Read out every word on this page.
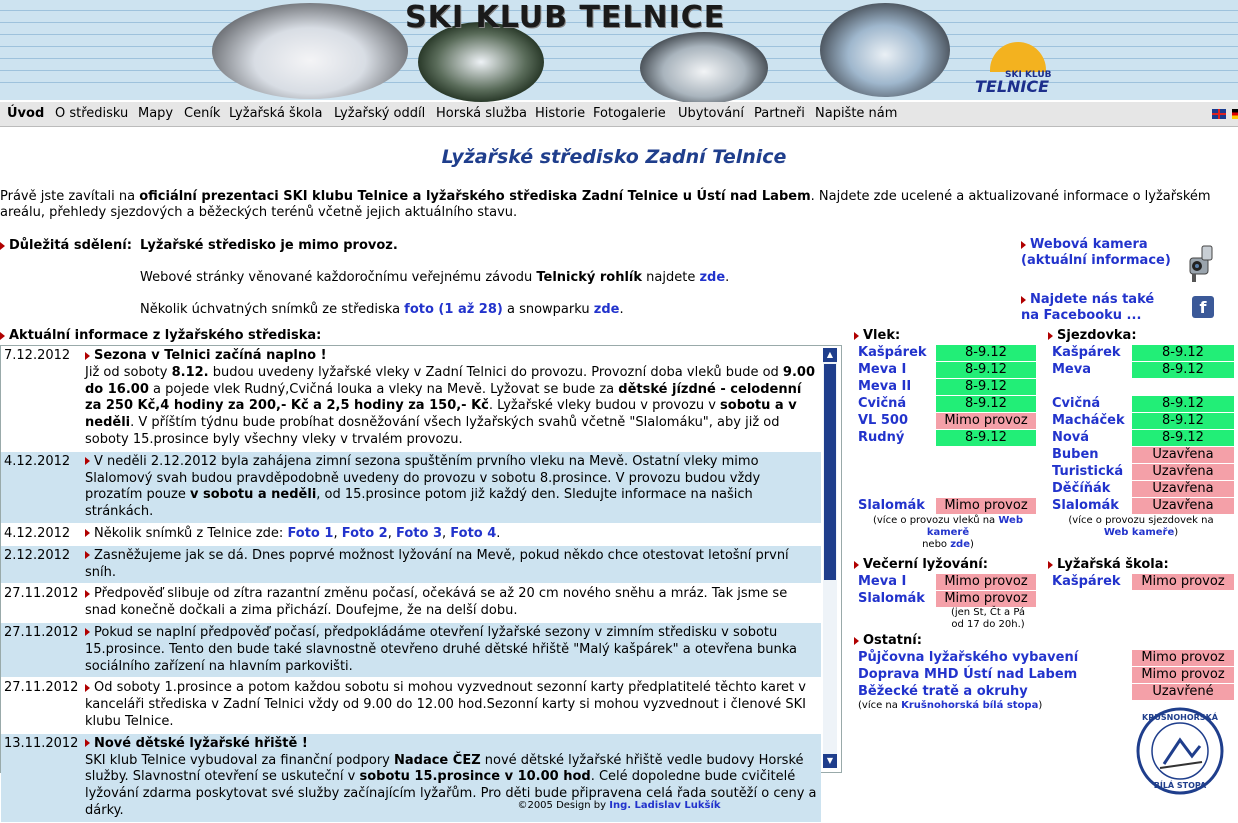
SKI KLUB TELNICE
SKI KLUB
TELNICE
Úvod O středisku Mapy Ceník Lyžařská škola Lyžařský oddíl Horská služba Historie Fotogalerie Ubytování Partneři Napište nám
Lyžařské středisko Zadní Telnice
Právě jste zavítali na oficiální prezentaci SKI klubu Telnice a lyžařského střediska Zadní Telnice u Ústí nad Labem. Najdete zde ucelené a aktualizované informace o lyžařském areálu, přehledy sjezdových a běžeckých terénů včetně jejich aktuálního stavu.
Důležitá sdělení: Lyžařské středisko je mimo provoz.
Webové stránky věnované každoročnímu veřejnému závodu Telnický rohlík najdete zde.
Několik úchvatných snímků ze střediska foto (1 až 28) a snowparku zde.
Webová kamera
(aktuální informace)
Najdete nás také
na Facebooku ...	f
Aktuální informace z lyžařského střediska:
7.12.2012	Sezona v Telnici začíná naplno !
Již od soboty 8.12. budou uvedeny lyžařské vleky v Zadní Telnici do provozu. Provozní doba vleků bude od 9.00 do 16.00 a pojede vlek Rudný,Cvičná louka a vleky na Mevě. Lyžovat se bude za dětské jízdné - celodenní za 250 Kč,4 hodiny za 200,- Kč a 2,5 hodiny za 150,- Kč. Lyžařské vleky budou v provozu v sobotu a v neděli. V příštím týdnu bude probíhat dosněžování všech lyžařských svahů včetně "Slalomáku", aby již od soboty 15.prosince byly všechny vleky v trvalém provozu.
4.12.2012	V neděli 2.12.2012 byla zahájena zimní sezona spuštěním prvního vleku na Mevě. Ostatní vleky mimo Slalomový svah budou pravděpodobně uvedeny do provozu v sobotu 8.prosince. V provozu budou vždy prozatím pouze v sobotu a neděli, od 15.prosince potom již každý den. Sledujte informace na našich stránkách.
4.12.2012	Několik snímků z Telnice zde: Foto 1, Foto 2, Foto 3, Foto 4.
2.12.2012	Zasněžujeme jak se dá. Dnes poprvé možnost lyžování na Mevě, pokud někdo chce otestovat letošní první sníh.
27.11.2012	Předpověď slibuje od zítra razantní změnu počasí, očekává se až 20 cm nového sněhu a mráz. Tak jsme se snad konečně dočkali a zima přichází. Doufejme, že na delší dobu.
27.11.2012	Pokud se naplní předpověď počasí, předpokládáme otevření lyžařské sezony v zimním středisku v sobotu 15.prosince. Tento den bude také slavnostně otevřeno druhé dětské hřiště "Malý kašpárek" a otevřena bunka sociálního zařízení na hlavním parkovišti.
27.11.2012	Od soboty 1.prosince a potom každou sobotu si mohou vyzvednout sezonní karty předplatitelé těchto karet v kanceláři střediska v Zadní Telnici vždy od 9.00 do 12.00 hod.Sezonní karty si mohou vyzvednout i členové SKI klubu Telnice.
13.11.2012	Nové dětské lyžařské hřiště !
SKI klub Telnice vybudoval za finanční podpory Nadace ČEZ nové dětské lyžařské hřiště vedle budovy Horské služby. Slavnostní otevření se uskuteční v sobotu 15.prosince v 10.00 hod. Celé dopoledne bude cvičitelé lyžování zdarma poskytovat své služby začínajícím lyžařům. Pro děti bude připravena celá řada soutěží o ceny a dárky.
▲
▼
Vlek:
Kašpárek	8-9.12
Meva I	8-9.12
Meva II	8-9.12
Cvičná	8-9.12
VL 500	Mimo provoz
Rudný	8-9.12
Slalomák	Mimo provoz
(více o provozu vleků na Web kamerě
nebo zde)
Sjezdovka:
Kašpárek	8-9.12
Meva	8-9.12
Cvičná	8-9.12
Macháček	8-9.12
Nová	8-9.12
Buben	Uzavřena
Turistická	Uzavřena
Děčíňák	Uzavřena
Slalomák	Uzavřena
(více o provozu sjezdovek na
Web kameře)
Večerní lyžování:
Meva I	Mimo provoz
Slalomák	Mimo provoz
(jen St, Čt a Pá
od 17 do 20h.)
Lyžařská škola:
Kašpárek	Mimo provoz
Ostatní:
Půjčovna lyžařského vybavení	Mimo provoz
Doprava MHD Ústí nad Labem	Mimo provoz
Běžecké tratě a okruhy	Uzavřené
(více na Krušnohorská bílá stopa)
KRUŠNOHORSKÁ
BÍLÁ STOPA
©2005 Design by Ing. Ladislav Lukšík
